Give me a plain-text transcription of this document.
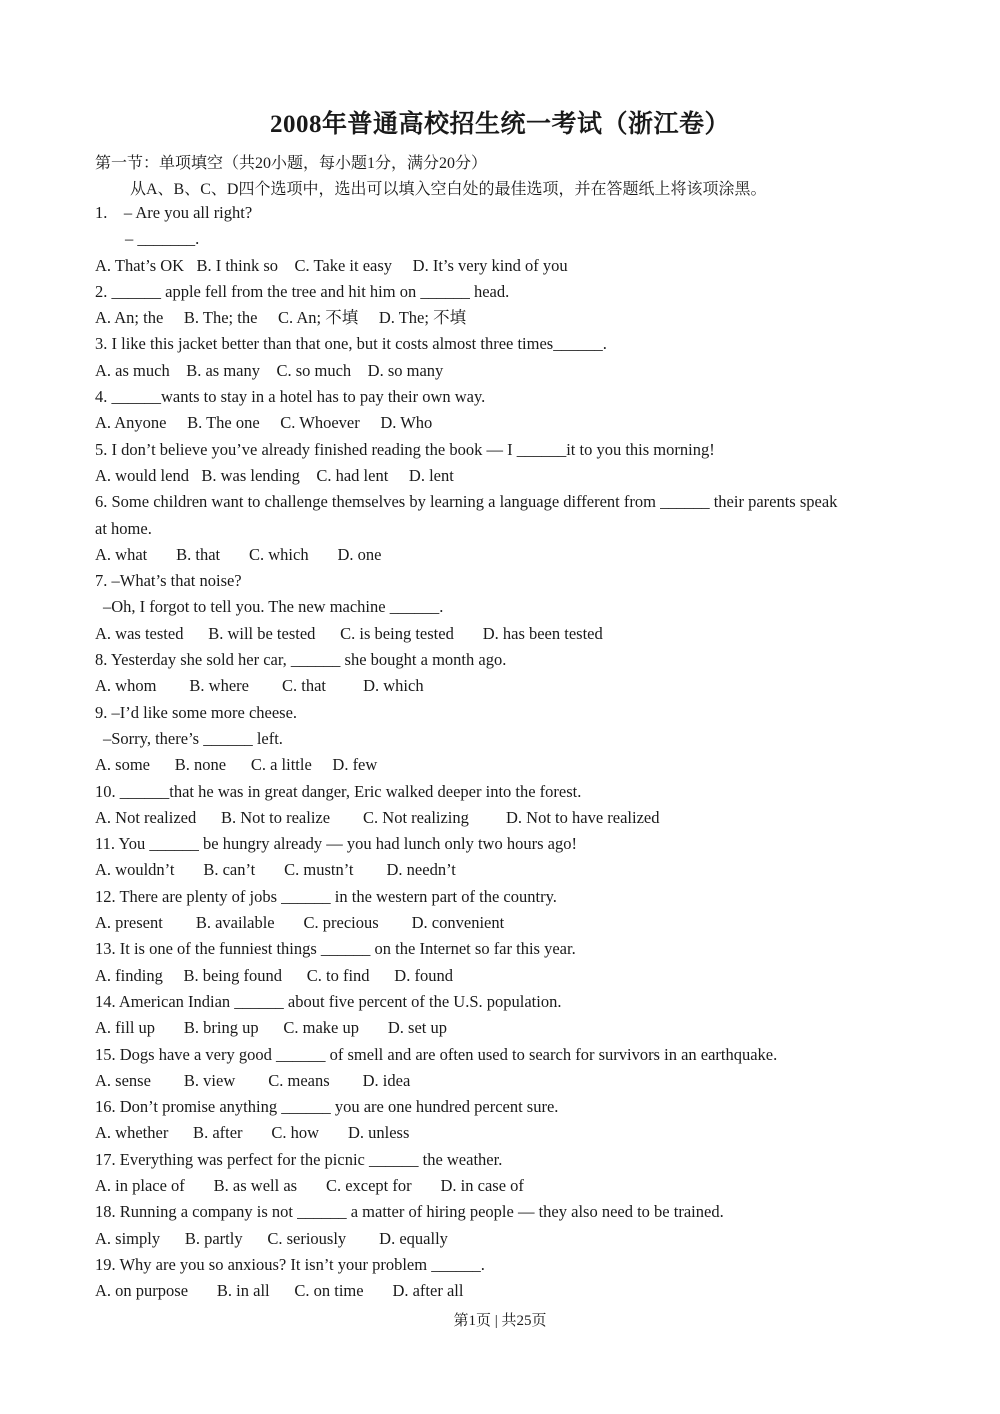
2008年普通高校招生统一考试（浙江卷）
第一节：单项填空（共20小题，每小题1分，满分20分）
从A、B、C、D四个选项中，选出可以填入空白处的最佳选项，并在答题纸上将该项涂黑。
1.    – Are you all right?
– _______.
A. That’s OK   B. I think so    C. Take it easy     D. It’s very kind of you
2. ______ apple fell from the tree and hit him on ______ head.
A. An; the     B. The; the     C. An; 不填     D. The; 不填
3. I like this jacket better than that one, but it costs almost three times______.
A. as much    B. as many    C. so much    D. so many
4. ______wants to stay in a hotel has to pay their own way.
A. Anyone     B. The one     C. Whoever     D. Who
5. I don’t believe you’ve already finished reading the book — I ______it to you this morning!
A. would lend   B. was lending    C. had lent     D. lent
6. Some children want to challenge themselves by learning a language different from ______ their parents speak
at home.
A. what       B. that       C. which       D. one
7. –What’s that noise?
–Oh, I forgot to tell you. The new machine ______.
A. was tested      B. will be tested      C. is being tested       D. has been tested
8. Yesterday she sold her car, ______ she bought a month ago.
A. whom        B. where        C. that         D. which
9. –I’d like some more cheese.
–Sorry, there’s ______ left.
A. some      B. none      C. a little     D. few
10. ______that he was in great danger, Eric walked deeper into the forest.
A. Not realized      B. Not to realize        C. Not realizing         D. Not to have realized
11. You ______ be hungry already — you had lunch only two hours ago!
A. wouldn’t       B. can’t       C. mustn’t        D. needn’t
12. There are plenty of jobs ______ in the western part of the country.
A. present        B. available       C. precious        D. convenient
13. It is one of the funniest things ______ on the Internet so far this year.
A. finding     B. being found      C. to find      D. found
14. American Indian ______ about five percent of the U.S. population.
A. fill up       B. bring up      C. make up       D. set up
15. Dogs have a very good ______ of smell and are often used to search for survivors in an earthquake.
A. sense        B. view        C. means        D. idea
16. Don’t promise anything ______ you are one hundred percent sure.
A. whether      B. after       C. how       D. unless
17. Everything was perfect for the picnic ______ the weather.
A. in place of       B. as well as       C. except for       D. in case of
18. Running a company is not ______ a matter of hiring people — they also need to be trained.
A. simply      B. partly      C. seriously        D. equally
19. Why are you so anxious? It isn’t your problem ______.
A. on purpose       B. in all      C. on time       D. after all
第1页 | 共25页
